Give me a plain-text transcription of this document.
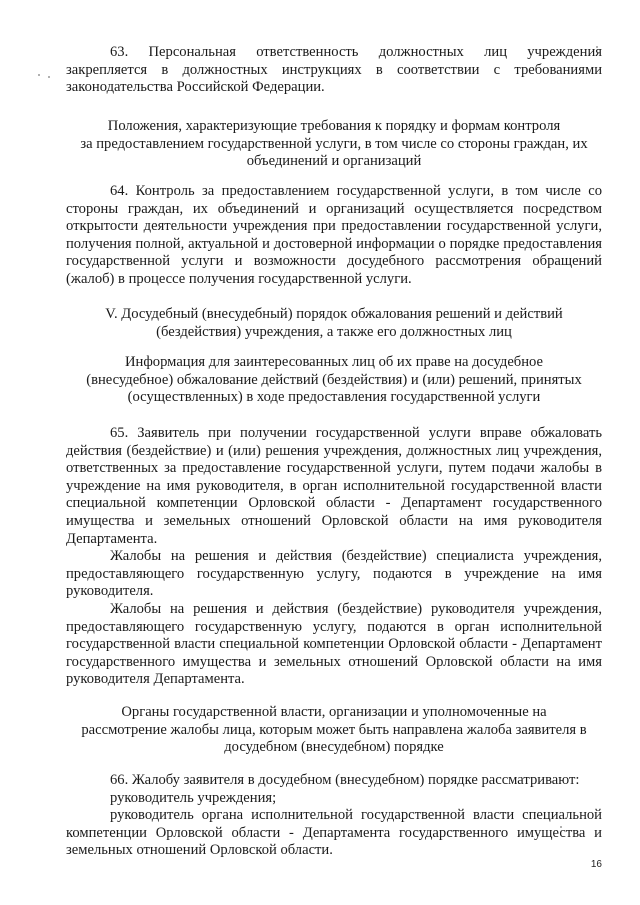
63. Персональная ответственность должностных лиц учреждения закрепляется в должностных инструкциях в соответствии с требованиями законодательства Российской Федерации.

Положения, характеризующие требования к порядку и формам контроля
за предоставлением государственной услуги, в том числе со стороны граждан, их
объединений и организаций

64. Контроль за предоставлением государственной услуги, в том числе со стороны граждан, их объединений и организаций осуществляется посредством открытости деятельности учреждения при предоставлении государственной услуги, получения полной, актуальной и достоверной информации о порядке предоставления государственной услуги и возможности досудебного рассмотрения обращений (жалоб) в процессе получения государственной услуги.

V. Досудебный (внесудебный) порядок обжалования решений и действий
(бездействия) учреждения, а также его должностных лиц
Информация для заинтересованных лиц об их праве на досудебное
(внесудебное) обжалование действий (бездействия) и (или) решений, принятых
(осуществленных) в ходе предоставления государственной услуги

65. Заявитель при получении государственной услуги вправе обжаловать действия (бездействие) и (или) решения учреждения, должностных лиц учреждения, ответственных за предоставление государственной услуги, путем подачи жалобы в учреждение на имя руководителя, в орган исполнительной государственной власти специальной компетенции Орловской области - Департамент государственного имущества и земельных отношений Орловской области на имя руководителя Департамента.

Жалобы на решения и действия (бездействие) специалиста учреждения, предоставляющего государственную услугу, подаются в учреждение на имя руководителя.

Жалобы на решения и действия (бездействие) руководителя учреждения, предоставляющего государственную услугу, подаются в орган исполнительной государственной власти специальной компетенции Орловской области - Департамент государственного имущества и земельных отношений Орловской области на имя руководителя Департамента.

Органы государственной власти, организации и уполномоченные на
рассмотрение жалобы лица, которым может быть направлена жалоба заявителя в
досудебном (внесудебном) порядке

66. Жалобу заявителя в досудебном (внесудебном) порядке рассматривают:

руководитель учреждения;

руководитель органа исполнительной государственной власти специальной компетенции Орловской области - Департамента государственного имущества и земельных отношений Орловской области.

16
